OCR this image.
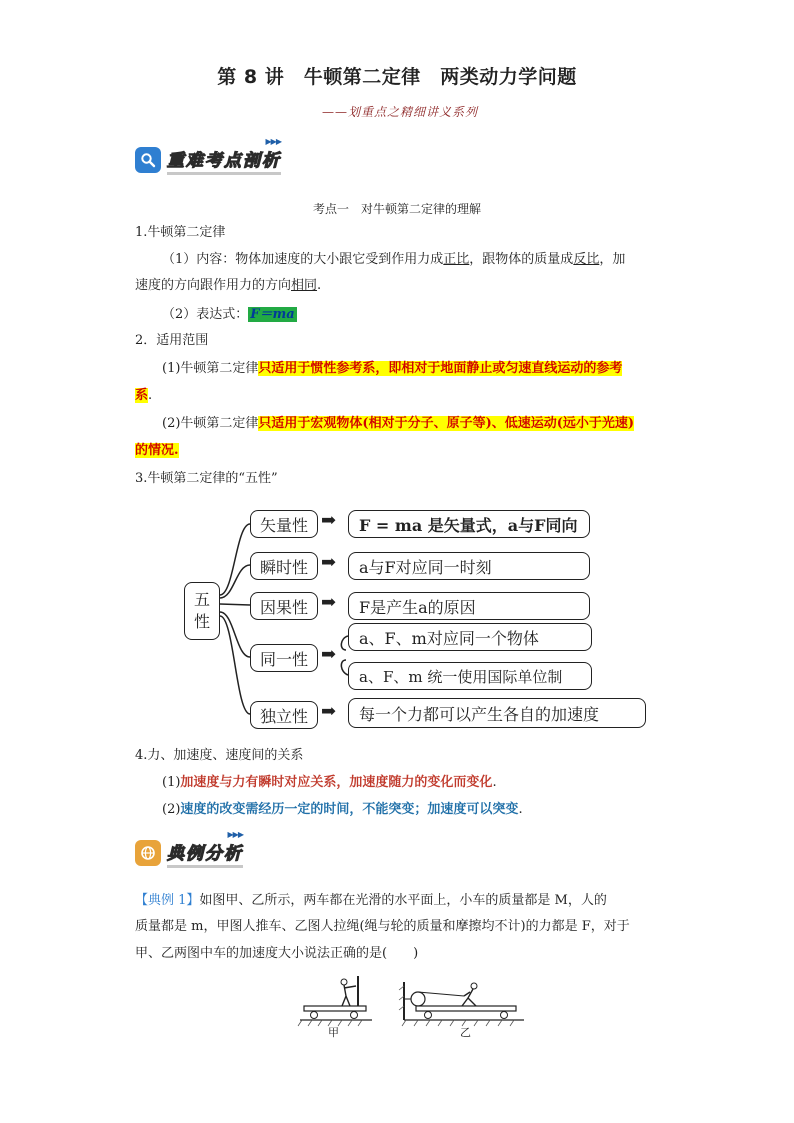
第 8 讲　牛顿第二定律　两类动力学问题
——划重点之精细讲义系列
重难考点剖析
▶▶▶
考点一　对牛顿第二定律的理解
1.牛顿第二定律
（1）内容：物体加速度的大小跟它受到作用力成正比，跟物体的质量成反比，加
速度的方向跟作用力的方向相同.
（2）表达式： F＝ma
2．适用范围
(1)牛顿第二定律只适用于惯性参考系，即相对于地面静止或匀速直线运动的参考
系.
(2)牛顿第二定律只适用于宏观物体(相对于分子、原子等)、低速运动(远小于光速)
的情况.
3.牛顿第二定律的“五性”
五
性
矢量性 ➡	F = ma 是矢量式，a与F同向
瞬时性 ➡	a与F对应同一时刻
因果性 ➡	F是产生a的原因
同一性 ➡
a、F、m对应同一个物体
a、F、m 统一使用国际单位制
独立性 ➡	每一个力都可以产生各自的加速度
4.力、加速度、速度间的关系
(1)加速度与力有瞬时对应关系，加速度随力的变化而变化.
(2)速度的改变需经历一定的时间，不能突变；加速度可以突变.
典例分析
▶▶▶
【典例 1】如图甲、乙所示，两车都在光滑的水平面上，小车的质量都是 M，人的
质量都是 m，甲图人推车、乙图人拉绳(绳与轮的质量和摩擦均不计)的力都是 F，对于
甲、乙两图中车的加速度大小说法正确的是(　　)
甲	乙
